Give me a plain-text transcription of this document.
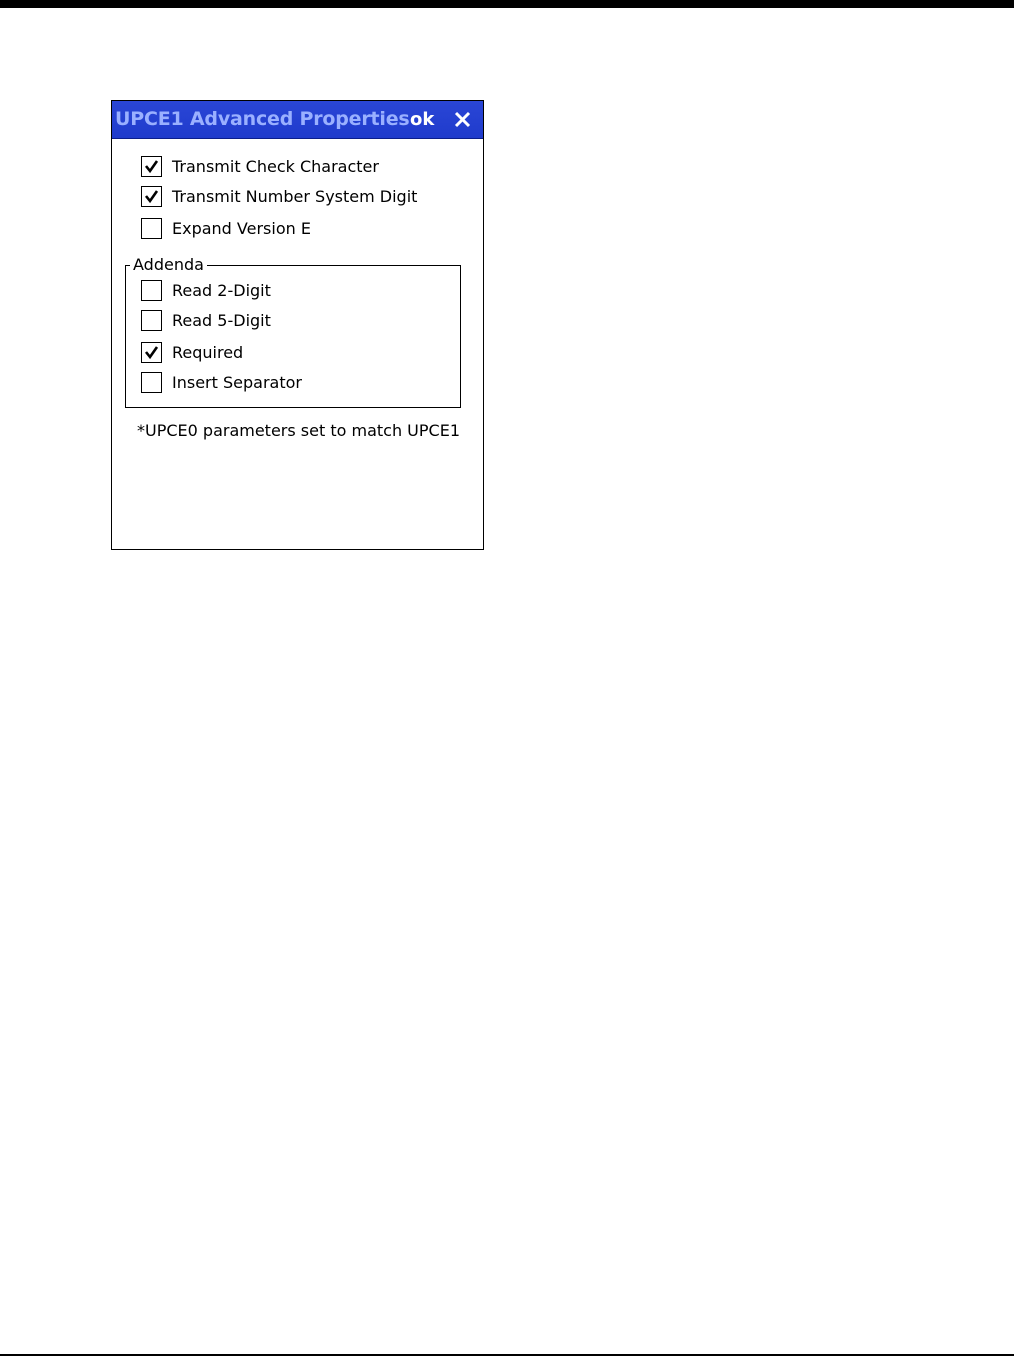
UPCE1 Advanced Properties ok
Transmit Check Character
Transmit Number System Digit
Expand Version E
Addenda
Read 2-Digit
Read 5-Digit
Required
Insert Separator
*UPCE0 parameters set to match UPCE1
